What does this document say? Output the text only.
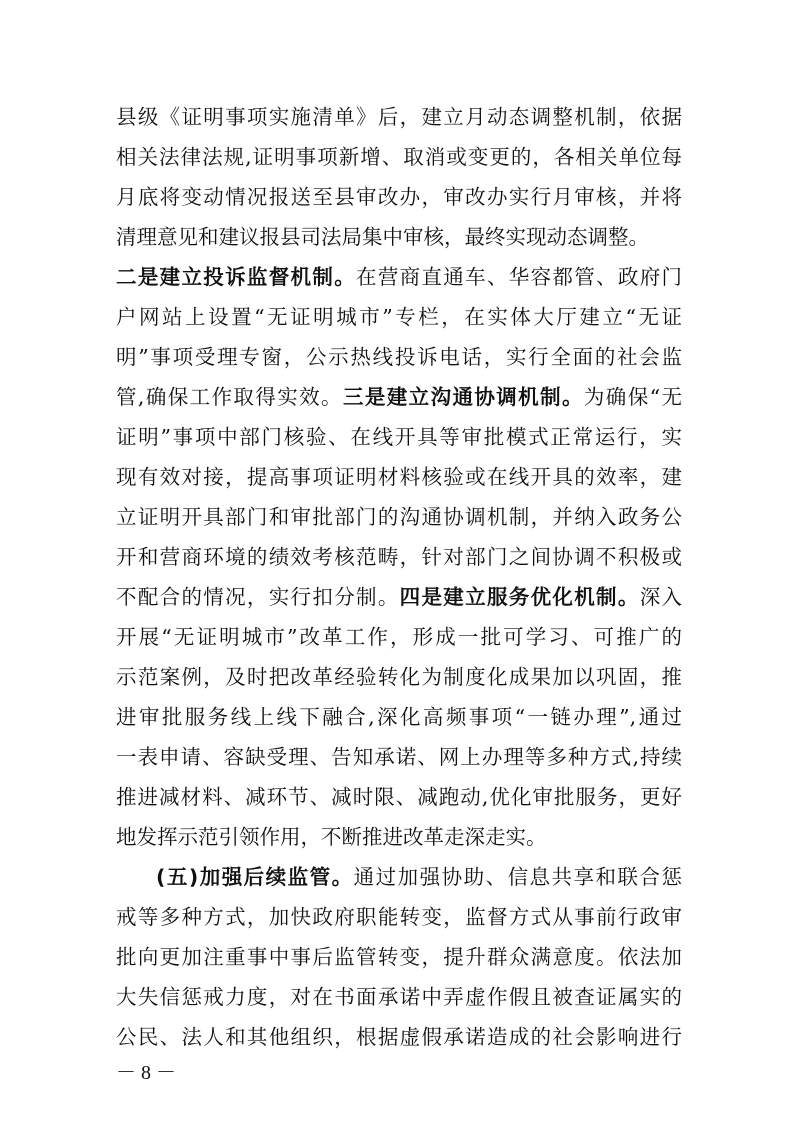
县级《证明事项实施清单》后，建立月动态调整机制，依据
相关法律法规,证明事项新增、取消或变更的，各相关单位每
月底将变动情况报送至县审改办，审改办实行月审核，并将
清理意见和建议报县司法局集中审核，最终实现动态调整。
二是建立投诉监督机制。在营商直通车、华容都管、政府门
户网站上设置“无证明城市”专栏，在实体大厅建立“无证
明”事项受理专窗，公示热线投诉电话，实行全面的社会监
管,确保工作取得实效。三是建立沟通协调机制。为确保“无
证明”事项中部门核验、在线开具等审批模式正常运行，实
现有效对接，提高事项证明材料核验或在线开具的效率，建
立证明开具部门和审批部门的沟通协调机制，并纳入政务公
开和营商环境的绩效考核范畴，针对部门之间协调不积极或
不配合的情况，实行扣分制。四是建立服务优化机制。深入
开展“无证明城市”改革工作，形成一批可学习、可推广的
示范案例，及时把改革经验转化为制度化成果加以巩固，推
进审批服务线上线下融合,深化高频事项“一链办理”,通过
一表申请、容缺受理、告知承诺、网上办理等多种方式,持续
推进减材料、减环节、减时限、减跑动,优化审批服务，更好
地发挥示范引领作用，不断推进改革走深走实。
(五)加强后续监管。通过加强协助、信息共享和联合惩
戒等多种方式，加快政府职能转变，监督方式从事前行政审
批向更加注重事中事后监管转变，提升群众满意度。依法加
大失信惩戒力度，对在书面承诺中弄虚作假且被查证属实的
公民、法人和其他组织，根据虚假承诺造成的社会影响进行
－ 8 －
